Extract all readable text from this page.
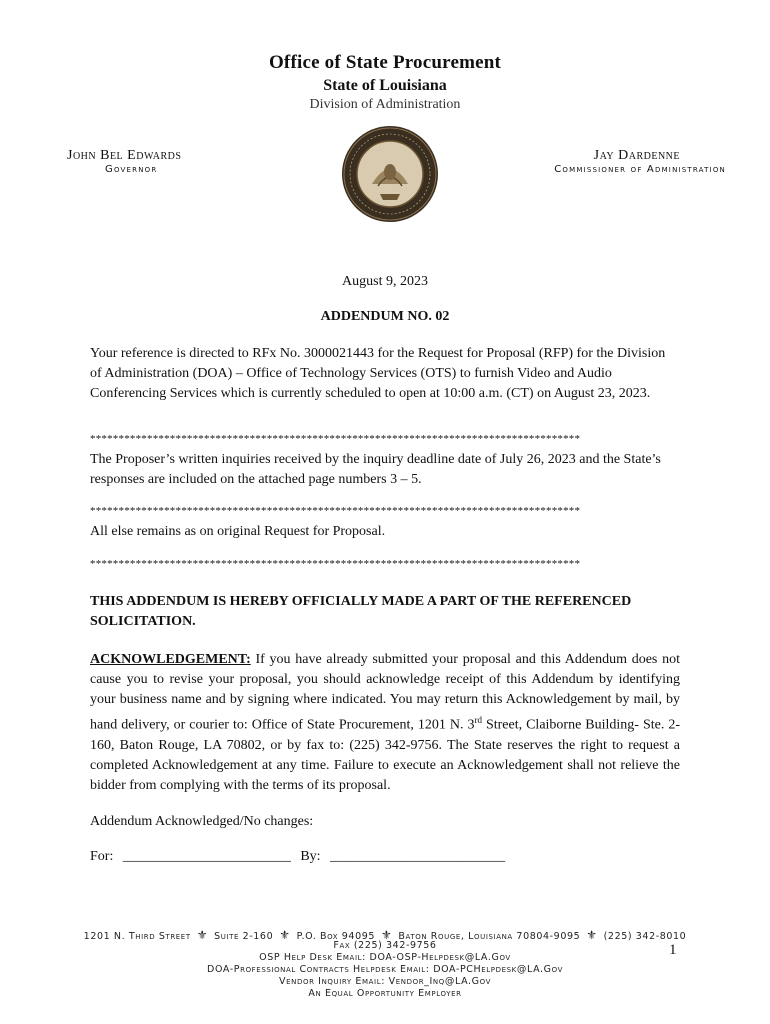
Office of State Procurement
State of Louisiana
Division of Administration
John Bel Edwards
Governor
Jay Dardenne
Commissioner of Administration
August 9, 2023
ADDENDUM NO. 02
Your reference is directed to RFx No. 3000021443 for the Request for Proposal (RFP) for the Division of Administration (DOA) – Office of Technology Services (OTS) to furnish Video and Audio Conferencing Services which is currently scheduled to open at 10:00 a.m. (CT) on August 23, 2023.
**************************************************************************************
The Proposer’s written inquiries received by the inquiry deadline date of July 26, 2023 and the State’s responses are included on the attached page numbers 3 – 5.
**************************************************************************************
All else remains as on original Request for Proposal.
**************************************************************************************
THIS ADDENDUM IS HEREBY OFFICIALLY MADE A PART OF THE REFERENCED SOLICITATION.
ACKNOWLEDGEMENT: If you have already submitted your proposal and this Addendum does not cause you to revise your proposal, you should acknowledge receipt of this Addendum by identifying your business name and by signing where indicated. You may return this Acknowledgement by mail, by hand delivery, or courier to: Office of State Procurement, 1201 N. 3rd Street, Claiborne Building- Ste. 2-160, Baton Rouge, LA 70802, or by fax to: (225) 342-9756. The State reserves the right to request a completed Acknowledgement at any time. Failure to execute an Acknowledgement shall not relieve the bidder from complying with the terms of its proposal.
Addendum Acknowledged/No changes:
For: ________________________ By: _________________________
1201 N. Third Street ⚜ Suite 2-160 ⚜ P.O. Box 94095 ⚜ Baton Rouge, Louisiana 70804-9095 ⚜ (225) 342-8010
Fax (225) 342-9756
OSP Help Desk Email: DOA-OSP-Helpdesk@LA.Gov
DOA-Professional Contracts Helpdesk Email: DOA-PCHelpdesk@LA.Gov
Vendor Inquiry Email: Vendor_Inq@LA.Gov
An Equal Opportunity Employer
1
